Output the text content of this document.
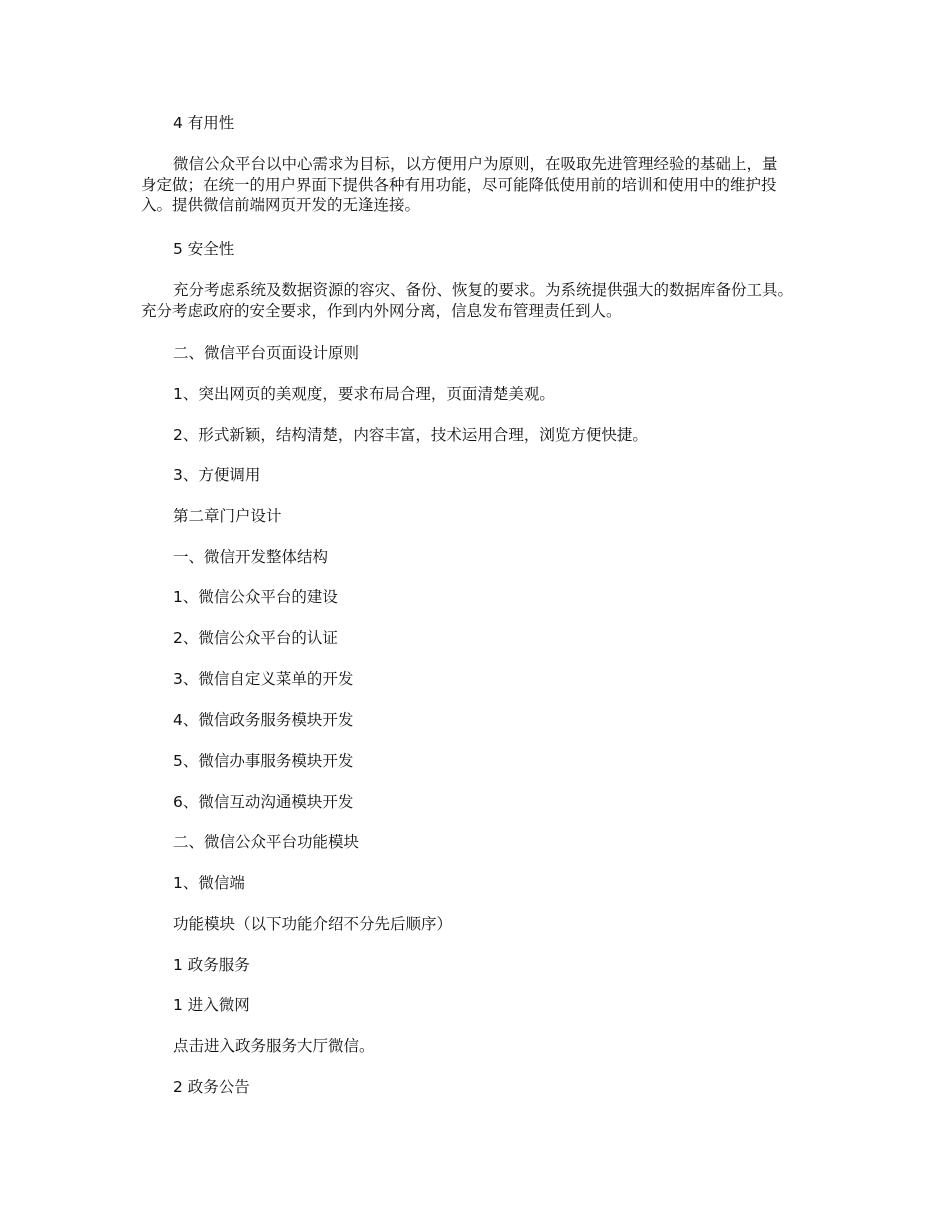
4 有用性
微信公众平台以中心需求为目标，以方便用户为原则，在吸取先进管理经验的基础上，量
身定做；在统一的用户界面下提供各种有用功能，尽可能降低使用前的培训和使用中的维护投
入。提供微信前端网页开发的无逢连接。
5 安全性
充分考虑系统及数据资源的容灾、备份、恢复的要求。为系统提供强大的数据库备份工具。
充分考虑政府的安全要求，作到内外网分离，信息发布管理责任到人。
二、微信平台页面设计原则
1、突出网页的美观度，要求布局合理，页面清楚美观。
2、形式新颖，结构清楚，内容丰富，技术运用合理，浏览方便快捷。
3、方便调用
第二章门户设计
一、微信开发整体结构
1、微信公众平台的建设
2、微信公众平台的认证
3、微信自定义菜单的开发
4、微信政务服务模块开发
5、微信办事服务模块开发
6、微信互动沟通模块开发
二、微信公众平台功能模块
1、微信端
功能模块（以下功能介绍不分先后顺序）
1 政务服务
1 进入微网
点击进入政务服务大厅微信。
2 政务公告
